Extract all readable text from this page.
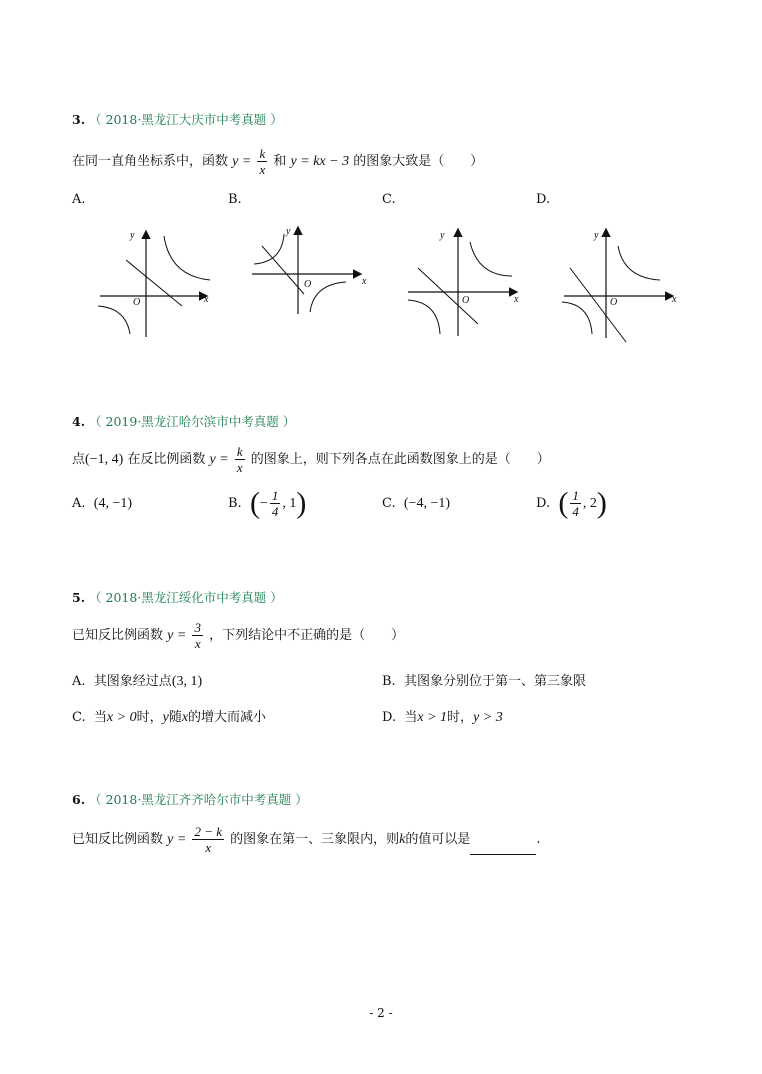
3. （ 2018·黑龙江大庆市中考真题 ）
在同一直角坐标系中，函数 $y = \frac{k}{x}$ 和 y = kx − 3 的图象大致是（　　）
A.	B.	C.	D.
x
y
O
x
y
O
x
y
O	x
y
O
4. （ 2019·黑龙江哈尔滨市中考真题 ）
点(−1, 4) 在反比例函数 $y = \frac{k}{x}$ 的图象上，则下列各点在此函数图象上的是（　　）
A. (4, −1)	B. (− $\frac{1}{4}$ , 1)	C. (−4, −1)	D. ( $\frac{1}{4}$ , 2)
5. （ 2018·黑龙江绥化市中考真题 ）
已知反比例函数 $y = \frac{3}{x}$ ，下列结论中不正确的是（　　）
A. 其图象经过点(3, 1)	B. 其图象分别位于第一、第三象限
C. 当x > 0时，y随x的增大而减小	D. 当x > 1时，y > 3
6. （ 2018·黑龙江齐齐哈尔市中考真题 ）
已知反比例函数 $y = \frac{2 - k}{x}$ 的图象在第一、三象限内，则k的值可以是	.
- 2 -
